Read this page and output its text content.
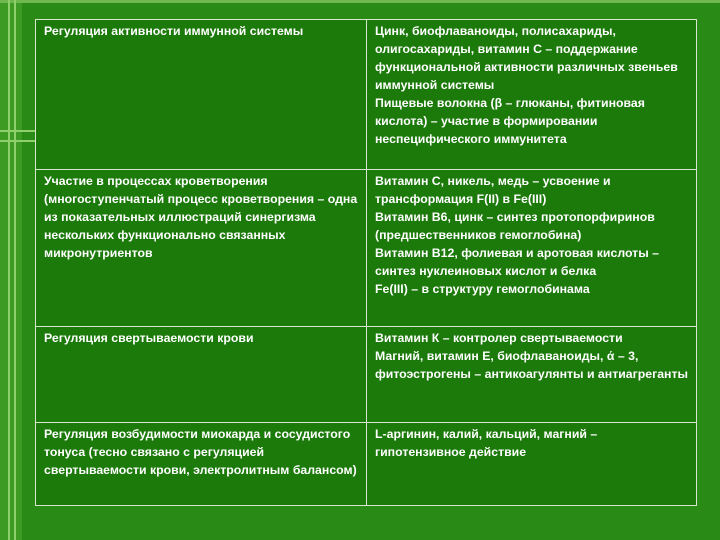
Регуляция активности иммунной системы	Цинк, биофлаваноиды, полисахариды, олигосахариды, витамин С – поддержание функциональной активности различных звеньев иммунной системы
Пищевые волокна (β – глюканы, фитиновая кислота) – участие в формировании неспецифического иммунитета

Участие в процессах кроветворения (многоступенчатый процесс кроветворения – одна из показательных иллюстраций синергизма нескольких функционально связанных микронутриентов	Витамин С, никель, медь – усвоение и трансформация F(II) в Fe(III)
Витамин В6, цинк – синтез протопорфиринов (предшественников гемоглобина)
Витамин В12, фолиевая и аротовая кислоты – синтез нуклеиновых кислот и белка
Fe(III) – в структуру гемоглобинама

Регуляция свертываемости крови	Витамин К – контролер свертываемости
Магний, витамин Е, биофлаваноиды, ά – 3, фитоэстрогены – антикоагулянты и антиагреганты

Регуляция возбудимости миокарда и сосудистого тонуса (тесно связано с регуляцией свертываемости крови, электролитным балансом)	L-аргинин, калий, кальций, магний – гипотензивное действие
